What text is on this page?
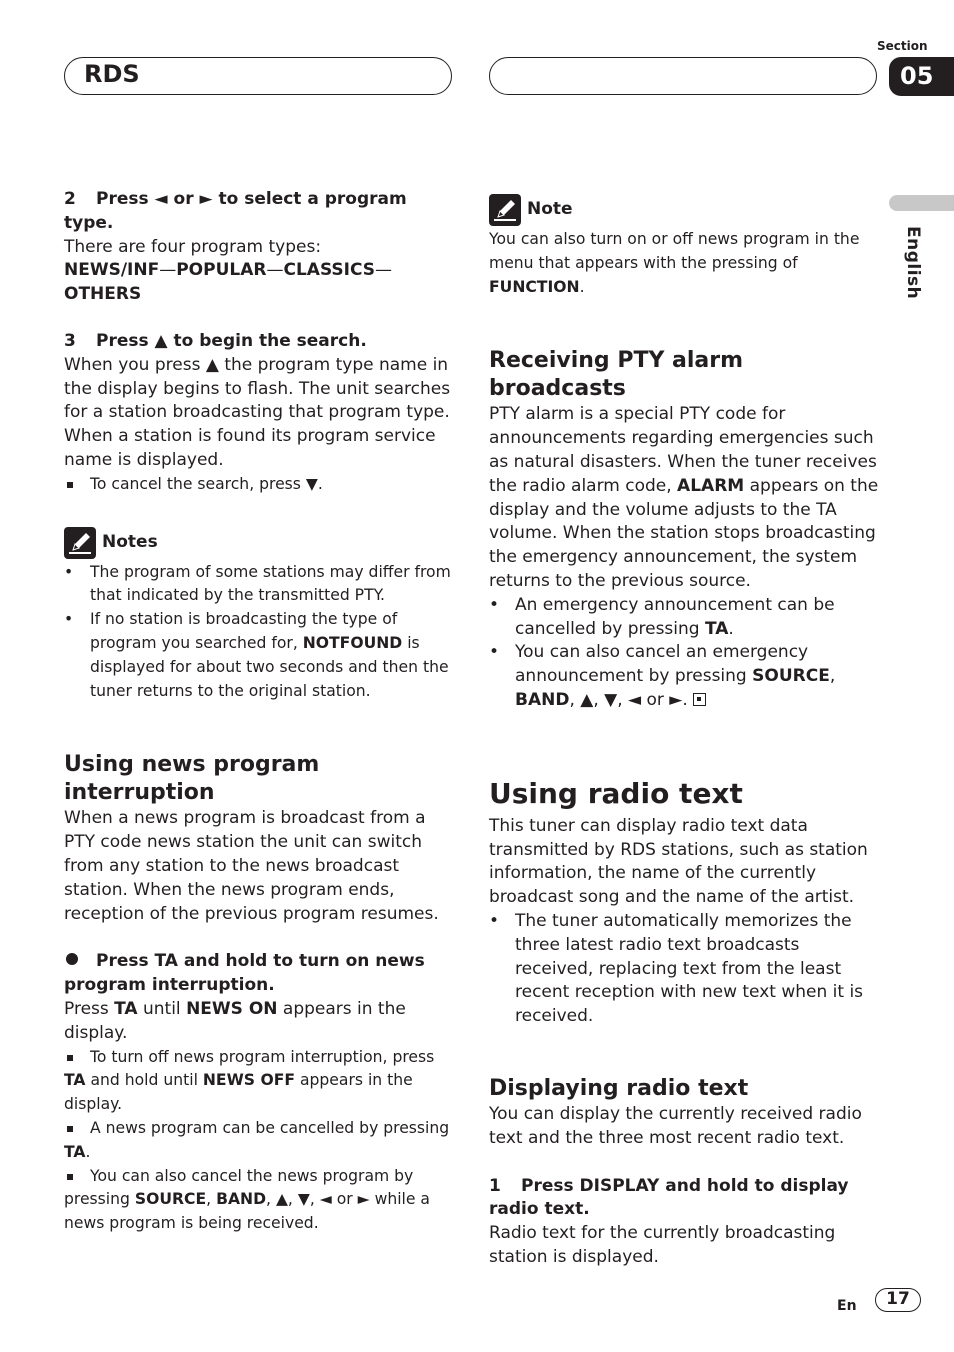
RDS
Section
05
English

2 Press ◄ or ► to select a program type.

There are four program types:

NEWS/INF—POPULAR—CLASSICS—
OTHERS

3 Press ▲ to begin the search.

When you press ▲ the program type name in the display begins to flash. The unit searches for a station broadcasting that program type. When a station is found its program service name is displayed.

To cancel the search, press ▼.

Notes

• The program of some stations may differ from that indicated by the transmitted PTY.

• If no station is broadcasting the type of program you searched for, NOTFOUND is displayed for about two seconds and then the tuner returns to the original station.

Using news program interruption

When a news program is broadcast from a PTY code news station the unit can switch from any station to the news broadcast station. When the news program ends, reception of the previous program resumes.

Press TA and hold to turn on news program interruption.

Press TA until NEWS ON appears in the display.

To turn off news program interruption, press TA and hold until NEWS OFF appears in the display.

A news program can be cancelled by pressing TA.

You can also cancel the news program by pressing SOURCE, BAND, ▲, ▼, ◄ or ► while a news program is being received.

Note

You can also turn on or off news program in the menu that appears with the pressing of FUNCTION.

Receiving PTY alarm broadcasts

PTY alarm is a special PTY code for announcements regarding emergencies such as natural disasters. When the tuner receives the radio alarm code, ALARM appears on the display and the volume adjusts to the TA volume. When the station stops broadcasting the emergency announcement, the system returns to the previous source.

• An emergency announcement can be cancelled by pressing TA.

• You can also cancel an emergency announcement by pressing SOURCE, BAND, ▲, ▼, ◄ or ►.

Using radio text

This tuner can display radio text data transmitted by RDS stations, such as station information, the name of the currently broadcast song and the name of the artist.

• The tuner automatically memorizes the three latest radio text broadcasts received, replacing text from the least recent reception with new text when it is received.

Displaying radio text

You can display the currently received radio text and the three most recent radio text.

1 Press DISPLAY and hold to display radio text.

Radio text for the currently broadcasting station is displayed.

En	17
